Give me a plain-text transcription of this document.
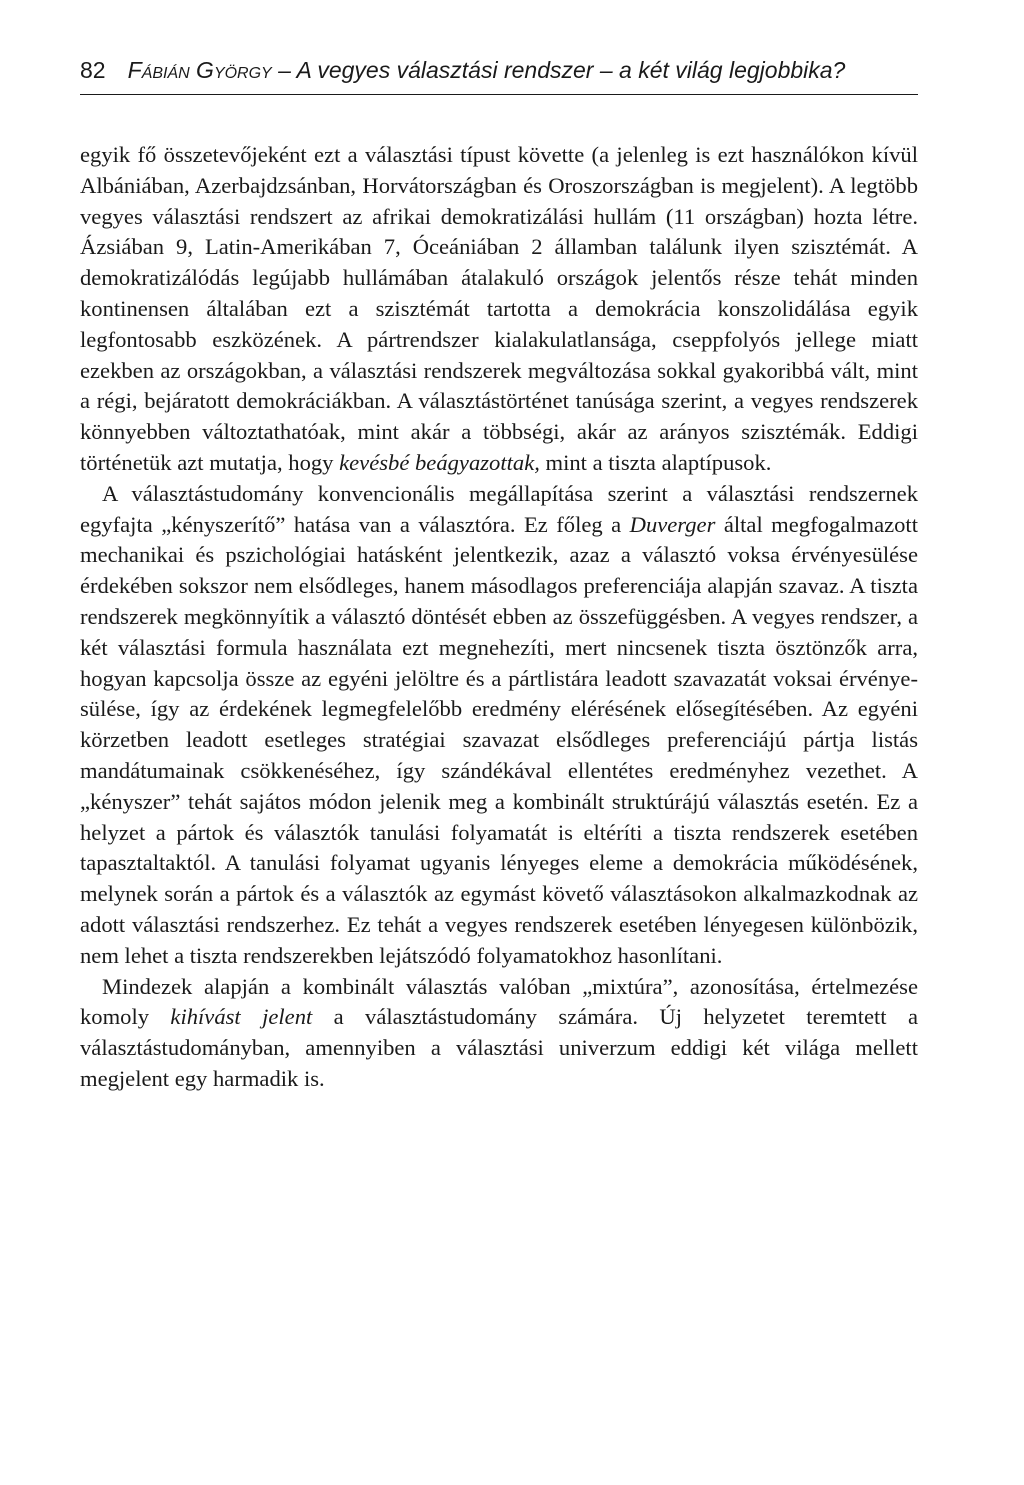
82 Fábián György – A vegyes választási rendszer – a két világ legjobbika?

egyik fő összetevőjeként ezt a választási típust követte (a jelenleg is ezt használókon kívül Albániában, Azerbajdzsánban, Horvátországban és Oroszországban is megjelent). A legtöbb vegyes választási rendszert az afrikai demokratizálási hullám (11 országban) hozta létre. Ázsiában 9, Latin-Amerikában 7, Óceániában 2 államban találunk ilyen szisztémát. A demokratizálódás legújabb hullámában átalakuló országok jelentős része tehát minden kontinensen általában ezt a szisztémát tartotta a demokrácia konszolidálása egyik legfontosabb eszközének. A pártrendszer kialakulatlansága, cseppfolyós jellege miatt ezekben az országokban, a választási rendszerek megváltozása sokkal gyakoribbá vált, mint a régi, bejáratott demokráciákban. A választástörténet tanúsága szerint, a vegyes rendszerek könnyebben változtathatóak, mint akár a többségi, akár az arányos szisztémák. Eddigi történetük azt mutatja, hogy kevésbé beágyazottak, mint a tiszta alaptípusok.

A választástudomány konvencionális megállapítása szerint a választási rendszernek egyfajta „kényszerítő” hatása van a választóra. Ez főleg a Duverger által megfogalmazott mechanikai és pszichológiai hatásként jelentkezik, azaz a választó voksa érvényesülése érdekében sokszor nem elsődleges, hanem másodlagos preferenciája alapján szavaz. A tiszta rendszerek megkönnyítik a választó döntését ebben az összefüggésben. A vegyes rendszer, a két választási formula használata ezt megnehezíti, mert nincsenek tiszta ösztönzők arra, hogyan kapcsolja össze az egyéni jelöltre és a pártlistára leadott szavazatát voksai érvényesülése, így az érdekének legmegfelelőbb eredmény elérésének elősegítésében. Az egyéni körzetben leadott esetleges stratégiai szavazat elsődleges preferenciájú pártja listás mandátumainak csökkenéséhez, így szándékával ellentétes eredményhez vezethet. A „kényszer” tehát sajátos módon jelenik meg a kombinált struktúrájú választás esetén. Ez a helyzet a pártok és választók tanulási folyamatát is eltéríti a tiszta rendszerek esetében tapasztaltaktól. A tanulási folyamat ugyanis lényeges eleme a demokrácia működésének, melynek során a pártok és a választók az egymást követő választásokon alkalmazkodnak az adott választási rendszerhez. Ez tehát a vegyes rendszerek esetében lényegesen különbözik, nem lehet a tiszta rendszerekben lejátszódó folyamatokhoz hasonlítani.

Mindezek alapján a kombinált választás valóban „mixtúra”, azonosítása, értelmezése komoly kihívást jelent a választástudomány számára. Új helyzetet teremtett a választástudományban, amennyiben a választási univerzum eddigi két világa mellett megjelent egy harmadik is.
